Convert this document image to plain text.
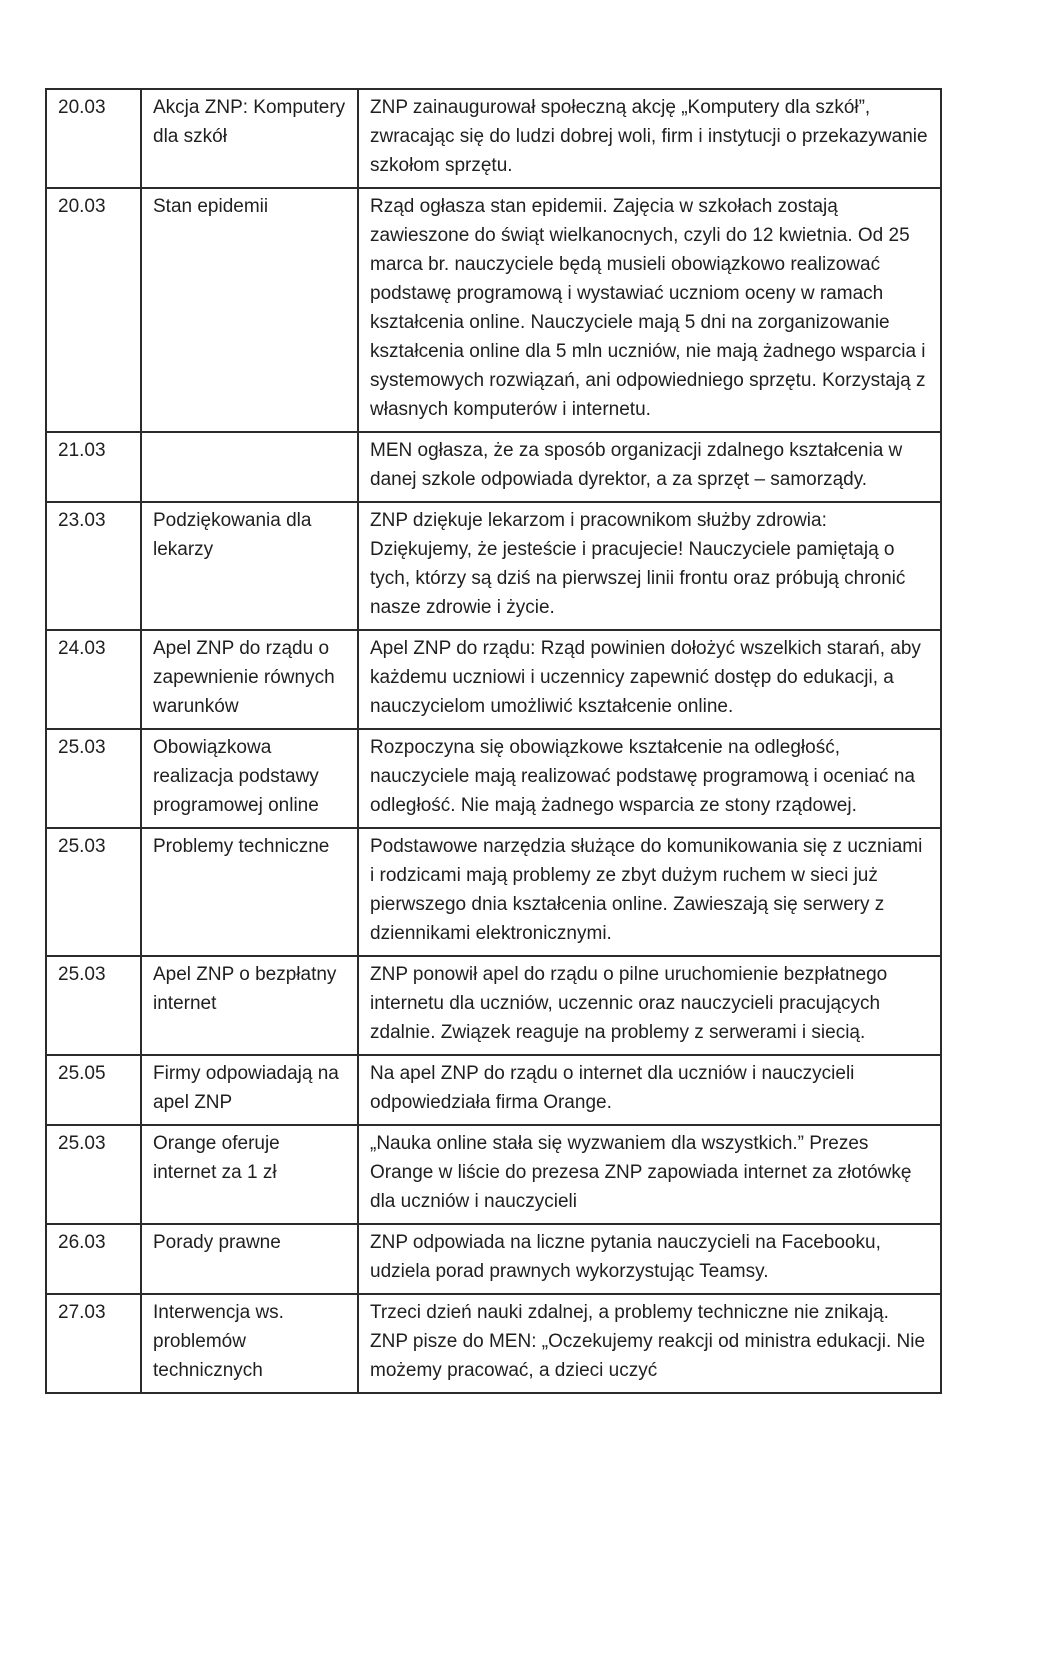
20.03	Akcja ZNP: Komputery dla szkół	ZNP zainaugurował społeczną akcję „Komputery dla szkół”, zwracając się do ludzi dobrej woli, firm i instytucji o przekazywanie szkołom sprzętu.
20.03	Stan epidemii	Rząd ogłasza stan epidemii. Zajęcia w szkołach zostają zawieszone do świąt wielkanocnych, czyli do 12 kwietnia. Od 25 marca br. nauczyciele będą musieli obowiązkowo realizować podstawę programową i wystawiać uczniom oceny w ramach kształcenia online. Nauczyciele mają 5 dni na zorganizowanie kształcenia online dla 5 mln uczniów, nie mają żadnego wsparcia i systemowych rozwiązań, ani odpowiedniego sprzętu. Korzystają z własnych komputerów i internetu.
21.03		MEN ogłasza, że za sposób organizacji zdalnego kształcenia w danej szkole odpowiada dyrektor, a za sprzęt – samorządy.
23.03	Podziękowania dla lekarzy	ZNP dziękuje lekarzom i pracownikom służby zdrowia: Dziękujemy, że jesteście i pracujecie! Nauczyciele pamiętają o tych, którzy są dziś na pierwszej linii frontu oraz próbują chronić nasze zdrowie i życie.
24.03	Apel ZNP do rządu o zapewnienie równych warunków	Apel ZNP do rządu: Rząd powinien dołożyć wszelkich starań, aby każdemu uczniowi i uczennicy zapewnić dostęp do edukacji, a nauczycielom umożliwić kształcenie online.
25.03	Obowiązkowa realizacja podstawy programowej online	Rozpoczyna się obowiązkowe kształcenie na odległość, nauczyciele mają realizować podstawę programową i oceniać na odległość. Nie mają żadnego wsparcia ze stony rządowej.
25.03	Problemy techniczne	Podstawowe narzędzia służące do komunikowania się z uczniami i rodzicami mają problemy ze zbyt dużym ruchem w sieci już pierwszego dnia kształcenia online. Zawieszają się serwery z dziennikami elektronicznymi.
25.03	Apel ZNP o bezpłatny internet	ZNP ponowił apel do rządu o pilne uruchomienie bezpłatnego internetu dla uczniów, uczennic oraz nauczycieli pracujących zdalnie. Związek reaguje na problemy z serwerami i siecią.
25.05	Firmy odpowiadają na apel ZNP	Na apel ZNP do rządu o internet dla uczniów i nauczycieli odpowiedziała firma Orange.
25.03	Orange oferuje internet za 1 zł	„Nauka online stała się wyzwaniem dla wszystkich.” Prezes Orange w liście do prezesa ZNP zapowiada internet za złotówkę dla uczniów i nauczycieli
26.03	Porady prawne	ZNP odpowiada na liczne pytania nauczycieli na Facebooku, udziela porad prawnych wykorzystując Teamsy.
27.03	Interwencja ws. problemów technicznych	Trzeci dzień nauki zdalnej, a problemy techniczne nie znikają. ZNP pisze do MEN: „Oczekujemy reakcji od ministra edukacji. Nie możemy pracować, a dzieci uczyć
